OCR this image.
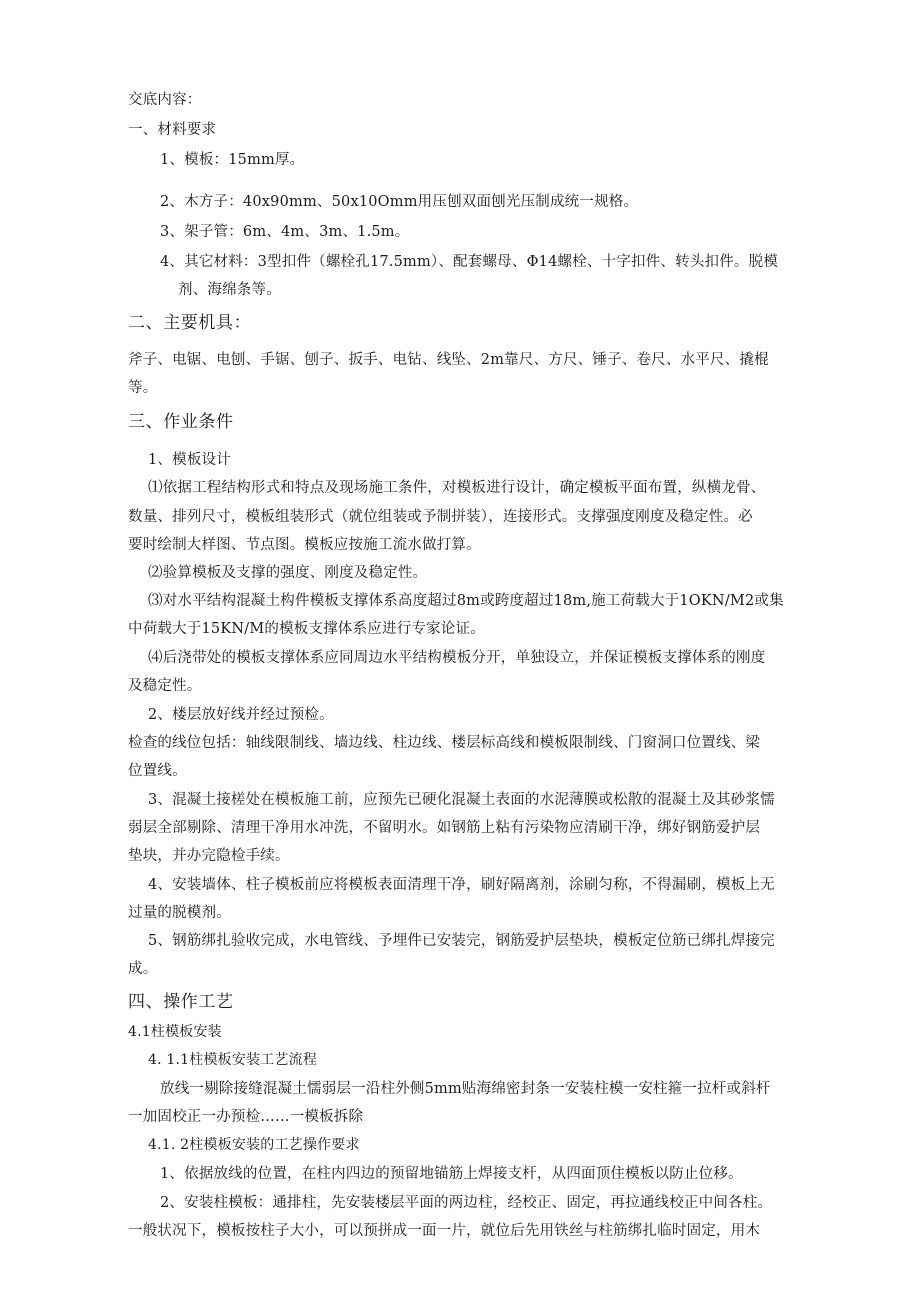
交底内容：
一、材料要求
1、模板：15mm厚。
2、木方子：40x90mm、50x10Omm用压刨双面刨光压制成统一规格。
3、架子管：6m、4m、3m、1.5m。
4、其它材料：3型扣件（螺栓孔17.5mm）、配套螺母、Φ14螺栓、十字扣件、转头扣件。脱模
剂、海绵条等。
二、主要机具：
斧子、电锯、电刨、手锯、刨子、扳手、电钻、线坠、2m靠尺、方尺、锤子、卷尺、水平尺、撬棍
等。
三、作业条件
1、模板设计
⑴依据工程结构形式和特点及现场施工条件，对模板进行设计，确定模板平面布置，纵横龙骨、
数量、排列尺寸，模板组装形式（就位组装或予制拼装），连接形式。支撑强度刚度及稳定性。必
要时绘制大样图、节点图。模板应按施工流水做打算。
⑵验算模板及支撑的强度、刚度及稳定性。
⑶对水平结构混凝土构件模板支撑体系高度超过8m或跨度超过18m,施工荷载大于1OKN/M2或集
中荷载大于15KN/M的模板支撑体系应进行专家论证。
⑷后浇带处的模板支撑体系应同周边水平结构模板分开，单独设立，并保证模板支撑体系的刚度
及稳定性。
2、楼层放好线并经过预检。
检查的线位包括：轴线限制线、墙边线、柱边线、楼层标高线和模板限制线、门窗洞口位置线、梁
位置线。
3、混凝土接槎处在模板施工前，应预先已硬化混凝土表面的水泥薄膜或松散的混凝土及其砂浆懦
弱层全部剔除、清理干净用水冲洗，不留明水。如钢筋上粘有污染物应清刷干净，绑好钢筋爱护层
垫块，并办完隐检手续。
4、安装墙体、柱子模板前应将模板表面清理干净，刷好隔离剂，涂刷匀称，不得漏刷，模板上无
过量的脱模剂。
5、钢筋绑扎验收完成，水电管线、予埋件已安装完，钢筋爱护层垫块，模板定位筋已绑扎焊接完
成。
四、操作工艺
4.1柱模板安装
4. 1.1柱模板安装工艺流程
放线一剔除接缝混凝土懦弱层一沿柱外侧5mm贴海绵密封条一安装柱模一安柱箍一拉杆或斜杆
一加固校正一办预检……一模板拆除
4.1. 2柱模板安装的工艺操作要求
1、依据放线的位置，在柱内四边的预留地锚筋上焊接支杆，从四面顶住模板以防止位移。
2、安装柱模板：通排柱，先安装楼层平面的两边柱，经校正、固定，再拉通线校正中间各柱。
一般状况下，模板按柱子大小，可以预拼成一面一片，就位后先用铁丝与柱筋绑扎临时固定，用木
